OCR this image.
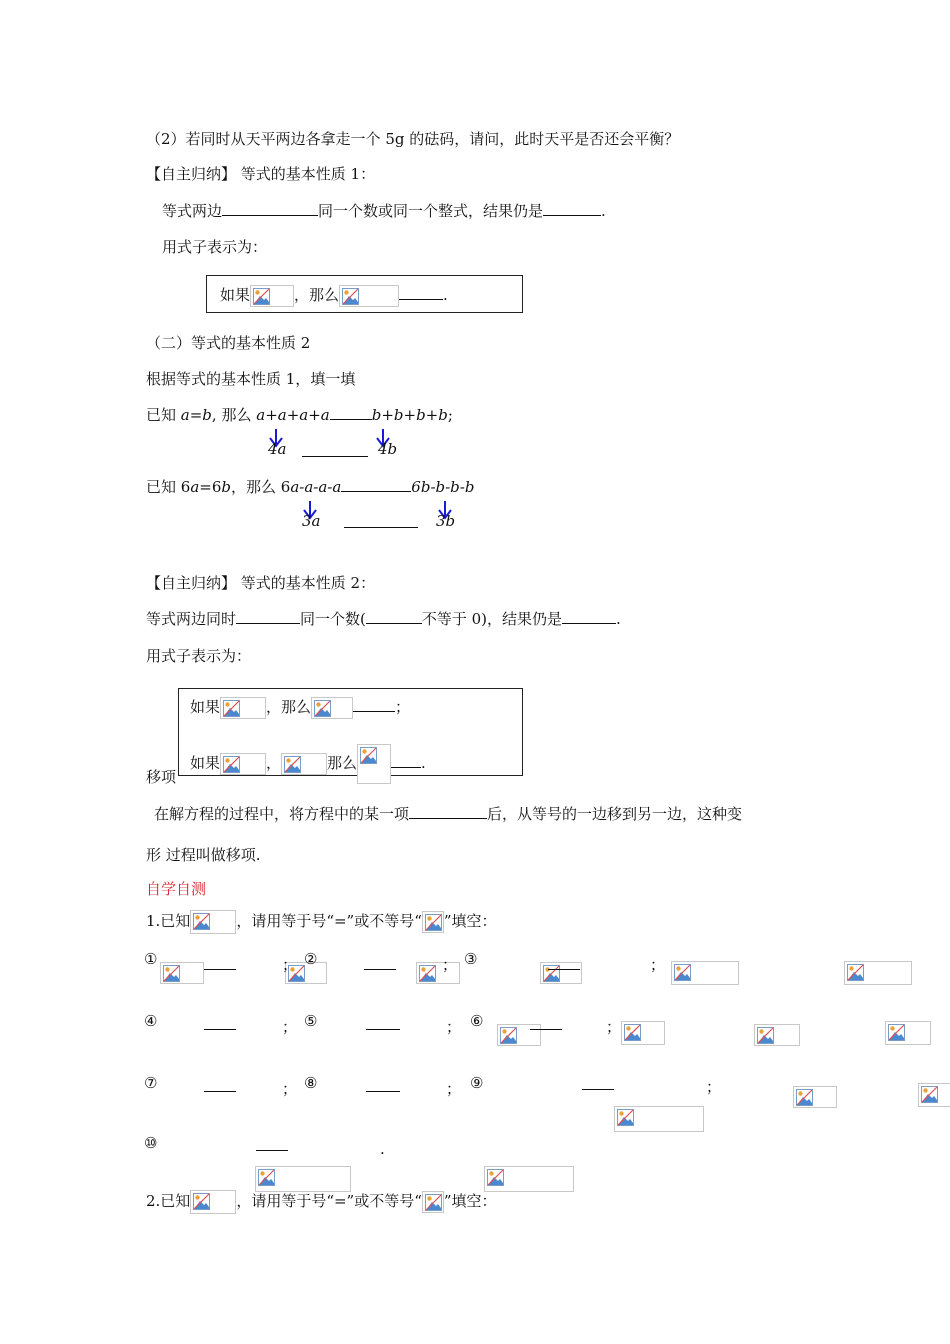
（2）若同时从天平两边各拿走一个 5g 的砝码，请问，此时天平是否还会平衡？
【自主归纳】 等式的基本性质 1：
等式两边	同一个数或同一个整式，结果仍是	.
用式子表示为：
如果	，那么	.
（二）等式的基本性质 2
根据等式的基本性质 1，填一填
已知 a=b, 那么 a+a+a+a	b+b+b+b;
4a	4b
已知 6a=6b，那么 6a-a-a-a	6b-b-b-b
3a	3b
【自主归纳】 等式的基本性质 2：
等式两边同时	同一个数(	不等于 0)，结果仍是	.
用式子表示为：
如果	，那么	；
如果	，	那么	.
移项
在解方程的过程中，将方程中的某一项	后，从等号的一边移到另一边，这种变
形 过程叫做移项.
自学自测
1.已知	，请用等于号“=”或不等号“ ”填空：
①

	； ②

	； ③

	；
④

	； ⑤

	； ⑥

	；
⑦

	； ⑧

	； ⑨

	；
⑩
	.
2.已知	，请用等于号“=”或不等号“ ”填空：
